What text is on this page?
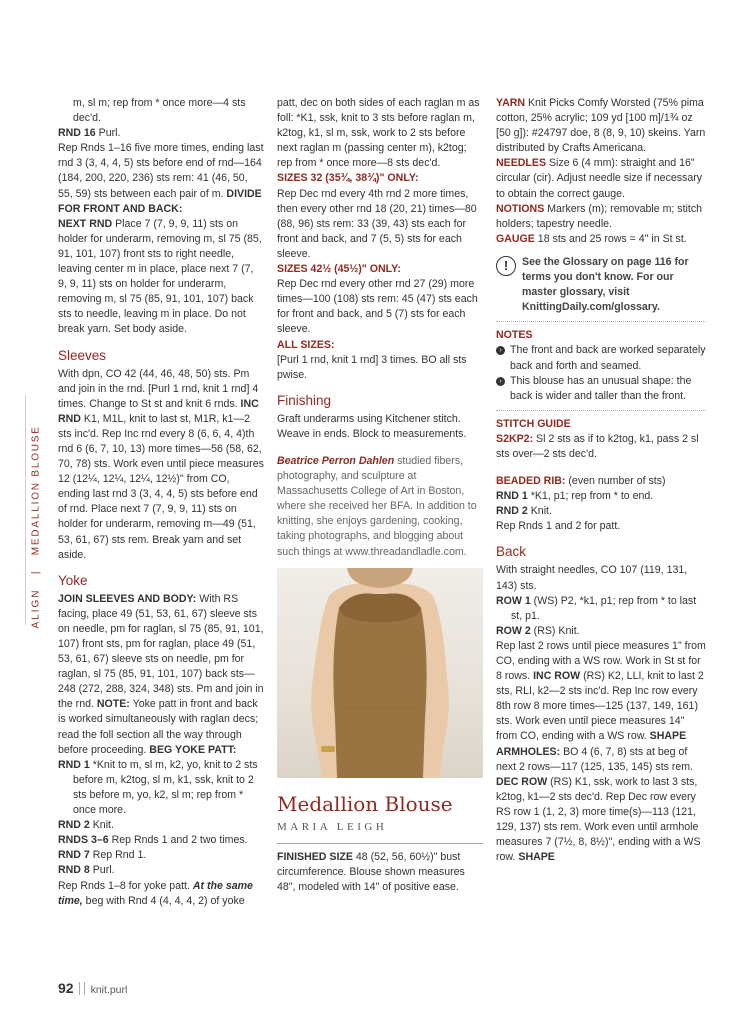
ALIGN   |   MEDALLION BLOUSE

m, sl m; rep from * once more—4 sts dec'd.

RND 16 Purl.

Rep Rnds 1–16 five more times, ending last rnd 3 (3, 4, 4, 5) sts before end of rnd—164 (184, 200, 220, 236) sts rem: 41 (46, 50, 55, 59) sts between each pair of m. DIVIDE FOR FRONT AND BACK:

NEXT RND Place 7 (7, 9, 9, 11) sts on holder for underarm, removing m, sl 75 (85, 91, 101, 107) front sts to right needle, leaving center m in place, place next 7 (7, 9, 9, 11) sts on holder for underarm, removing m, sl 75 (85, 91, 101, 107) back sts to needle, leaving m in place. Do not break yarn. Set body aside.

Sleeves

With dpn, CO 42 (44, 46, 48, 50) sts. Pm and join in the rnd. [Purl 1 rnd, knit 1 rnd] 4 times. Change to St st and knit 6 rnds. INC RND K1, M1L, knit to last st, M1R, k1—2 sts inc'd. Rep Inc rnd every 8 (6, 6, 4, 4)th rnd 6 (6, 7, 10, 13) more times—56 (58, 62, 70, 78) sts. Work even until piece measures 12 (12¼, 12¼, 12¼, 12½)" from CO, ending last rnd 3 (3, 4, 4, 5) sts before end of rnd. Place next 7 (7, 9, 9, 11) sts on holder for underarm, removing m—49 (51, 53, 61, 67) sts rem. Break yarn and set aside.

Yoke

JOIN SLEEVES AND BODY: With RS facing, place 49 (51, 53, 61, 67) sleeve sts on needle, pm for raglan, sl 75 (85, 91, 101, 107) front sts, pm for raglan, place 49 (51, 53, 61, 67) sleeve sts on needle, pm for raglan, sl 75 (85, 91, 101, 107) back sts—248 (272, 288, 324, 348) sts. Pm and join in the rnd. NOTE: Yoke patt in front and back is worked simultaneously with raglan decs; read the foll section all the way through before proceeding. BEG YOKE PATT:

RND 1 *Knit to m, sl m, k2, yo, knit to 2 sts before m, k2tog, sl m, k1, ssk, knit to 2 sts before m, yo, k2, sl m; rep from * once more.

RND 2 Knit.

RNDS 3–6 Rep Rnds 1 and 2 two times.

RND 7 Rep Rnd 1.

RND 8 Purl.

Rep Rnds 1–8 for yoke patt. At the same time, beg with Rnd 4 (4, 4, 4, 2) of yoke

patt, dec on both sides of each raglan m as foll: *K1, ssk, knit to 3 sts before raglan m, k2tog, k1, sl m, ssk, work to 2 sts before next raglan m (passing center m), k2tog; rep from * once more—8 sts dec'd.

SIZES 32 (35¾, 38¾)" ONLY:

Rep Dec rnd every 4th rnd 2 more times, then every other rnd 18 (20, 21) times—80 (88, 96) sts rem: 33 (39, 43) sts each for front and back, and 7 (5, 5) sts for each sleeve.

SIZES 42½ (45½)" ONLY:

Rep Dec rnd every other rnd 27 (29) more times—100 (108) sts rem: 45 (47) sts each for front and back, and 5 (7) sts for each sleeve.

ALL SIZES:

[Purl 1 rnd, knit 1 rnd] 3 times. BO all sts pwise.

Finishing

Graft underarms using Kitchener stitch. Weave in ends. Block to measurements.

Beatrice Perron Dahlen studied fibers, photography, and sculpture at Massachusetts College of Art in Boston, where she received her BFA. In addition to knitting, she enjoys gardening, cooking, taking photographs, and blogging about such things at www.threadandladle.com.

Medallion Blouse

MARIA LEIGH

FINISHED SIZE 48 (52, 56, 60½)" bust circumference. Blouse shown measures 48", modeled with 14" of positive ease.

YARN Knit Picks Comfy Worsted (75% pima cotton, 25% acrylic; 109 yd [100 m]/1¾ oz [50 g]): #24797 doe, 8 (8, 9, 10) skeins. Yarn distributed by Crafts Americana.

NEEDLES Size 6 (4 mm): straight and 16" circular (cir). Adjust needle size if necessary to obtain the correct gauge.

NOTIONS Markers (m); removable m; stitch holders; tapestry needle.

GAUGE 18 sts and 25 rows = 4" in St st.

!	See the Glossary on page 116 for terms you don't know. For our master glossary, visit KnittingDaily.com/glossary.

NOTES

› The front and back are worked separately back and forth and seamed.

› This blouse has an unusual shape: the back is wider and taller than the front.

STITCH GUIDE

S2KP2: Sl 2 sts as if to k2tog, k1, pass 2 sl sts over—2 sts dec'd.

BEADED RIB: (even number of sts)

RND 1 *K1, p1; rep from * to end.

RND 2 Knit.

Rep Rnds 1 and 2 for patt.

Back

With straight needles, CO 107 (119, 131, 143) sts.

ROW 1 (WS) P2, *k1, p1; rep from * to last st, p1.

ROW 2 (RS) Knit.

Rep last 2 rows until piece measures 1" from CO, ending with a WS row. Work in St st for 8 rows. INC ROW (RS) K2, LLI, knit to last 2 sts, RLI, k2—2 sts inc'd. Rep Inc row every 8th row 8 more times—125 (137, 149, 161) sts. Work even until piece measures 14" from CO, ending with a WS row. SHAPE ARMHOLES: BO 4 (6, 7, 8) sts at beg of next 2 rows—117 (125, 135, 145) sts rem. DEC ROW (RS) K1, ssk, work to last 3 sts, k2tog, k1—2 sts dec'd. Rep Dec row every RS row 1 (1, 2, 3) more time(s)—113 (121, 129, 137) sts rem. Work even until armhole measures 7 (7½, 8, 8½)", ending with a WS row. SHAPE

92 knit.purl
